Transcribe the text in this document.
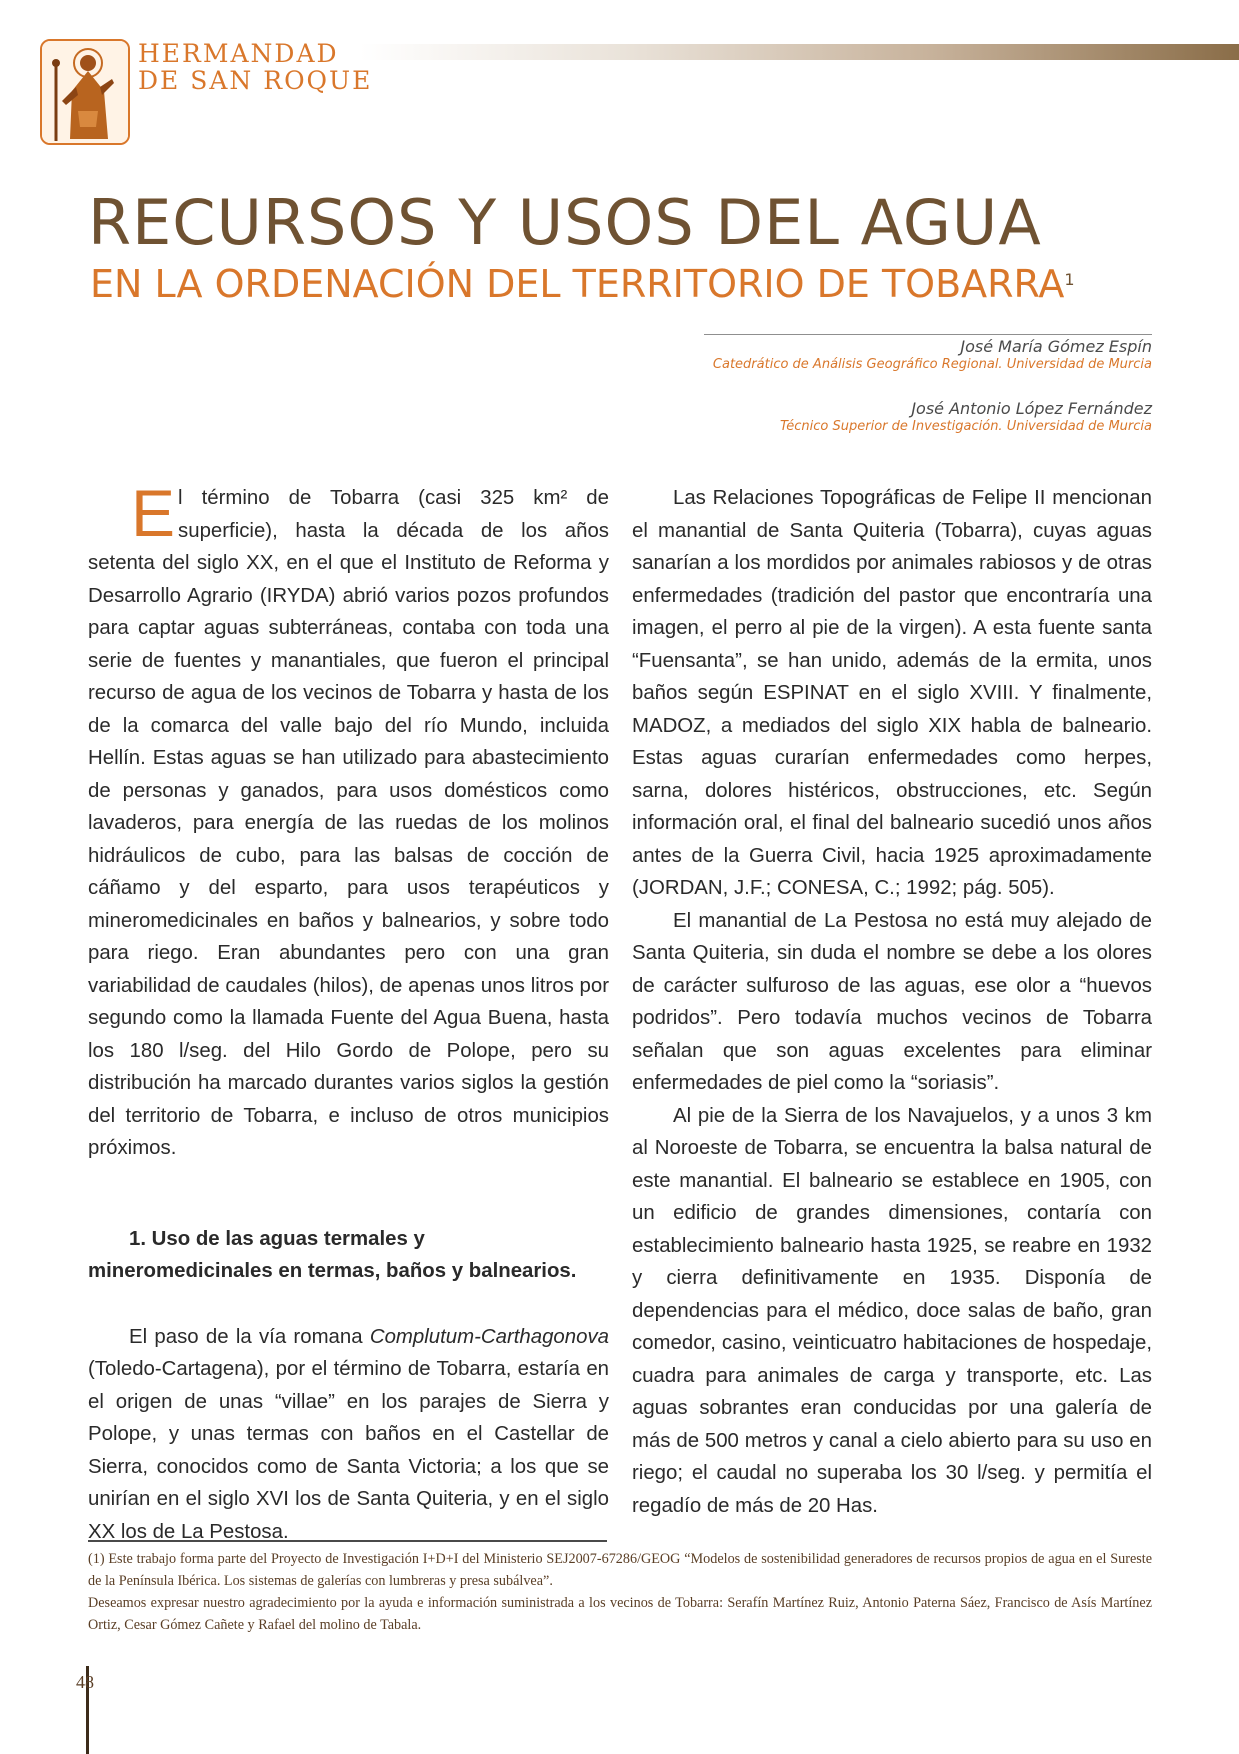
HERMANDAD
DE SAN ROQUE
RECURSOS Y USOS DEL AGUA
EN LA ORDENACIÓN DEL TERRITORIO DE TOBARRA$^1$
José María Gómez Espín
Catedrático de Análisis Geográfico Regional. Universidad de Murcia
José Antonio López Fernández
Técnico Superior de Investigación. Universidad de Murcia

El término de Tobarra (casi 325 km² de superficie), hasta la década de los años setenta del siglo XX, en el que el Instituto de Reforma y Desarrollo Agrario (IRYDA) abrió varios pozos profundos para captar aguas subterráneas, contaba con toda una serie de fuentes y manantiales, que fueron el principal recurso de agua de los vecinos de Tobarra y hasta de los de la comarca del valle bajo del río Mundo, incluida Hellín. Estas aguas se han utilizado para abastecimiento de personas y ganados, para usos domésticos como lavaderos, para energía de las ruedas de los molinos hidráulicos de cubo, para las balsas de cocción de cáñamo y del esparto, para usos terapéuticos y mineromedicinales en baños y balnearios, y sobre todo para riego. Eran abundantes pero con una gran variabilidad de caudales (hilos), de apenas unos litros por segundo como la llamada Fuente del Agua Buena, hasta los 180 l/seg. del Hilo Gordo de Polope, pero su distribución ha marcado durantes varios siglos la gestión del territorio de Tobarra, e incluso de otros municipios próximos.

1. Uso de las aguas termales y mineromedicinales en termas, baños y balnearios.

El paso de la vía romana Complutum-Carthagonova (Toledo-Cartagena), por el término de Tobarra, estaría en el origen de unas “villae” en los parajes de Sierra y Polope, y unas termas con baños en el Castellar de Sierra, conocidos como de Santa Victoria; a los que se unirían en el siglo XVI los de Santa Quiteria, y en el siglo XX los de La Pestosa.

Las Relaciones Topográficas de Felipe II mencionan el manantial de Santa Quiteria (Tobarra), cuyas aguas sanarían a los mordidos por animales rabiosos y de otras enfermedades (tradición del pastor que encontraría una imagen, el perro al pie de la virgen). A esta fuente santa “Fuensanta”, se han unido, además de la ermita, unos baños según ESPINAT en el siglo XVIII. Y finalmente, MADOZ, a mediados del siglo XIX habla de balneario. Estas aguas curarían enfermedades como herpes, sarna, dolores histéricos, obstrucciones, etc. Según información oral, el final del balneario sucedió unos años antes de la Guerra Civil, hacia 1925 aproximadamente (JORDAN, J.F.; CONESA, C.; 1992; pág. 505).

El manantial de La Pestosa no está muy alejado de Santa Quiteria, sin duda el nombre se debe a los olores de carácter sulfuroso de las aguas, ese olor a “huevos podridos”. Pero todavía muchos vecinos de Tobarra señalan que son aguas excelentes para eliminar enfermedades de piel como la “soriasis”.

Al pie de la Sierra de los Navajuelos, y a unos 3 km al Noroeste de Tobarra, se encuentra la balsa natural de este manantial. El balneario se establece en 1905, con un edificio de grandes dimensiones, contaría con establecimiento balneario hasta 1925, se reabre en 1932 y cierra definitivamente en 1935. Disponía de dependencias para el médico, doce salas de baño, gran comedor, casino, veinticuatro habitaciones de hospedaje, cuadra para animales de carga y transporte, etc. Las aguas sobrantes eran conducidas por una galería de más de 500 metros y canal a cielo abierto para su uso en riego; el caudal no superaba los 30 l/seg. y permitía el regadío de más de 20 Has.

(1) Este trabajo forma parte del Proyecto de Investigación I+D+I del Ministerio SEJ2007-67286/GEOG “Modelos de sostenibilidad generadores de recursos propios de agua en el Sureste de la Península Ibérica. Los sistemas de galerías con lumbreras y presa subálvea”.

Deseamos expresar nuestro agradecimiento por la ayuda e información suministrada a los vecinos de Tobarra: Serafín Martínez Ruiz, Antonio Paterna Sáez, Francisco de Asís Martínez Ortiz, Cesar Gómez Cañete y Rafael del molino de Tabala.

48
